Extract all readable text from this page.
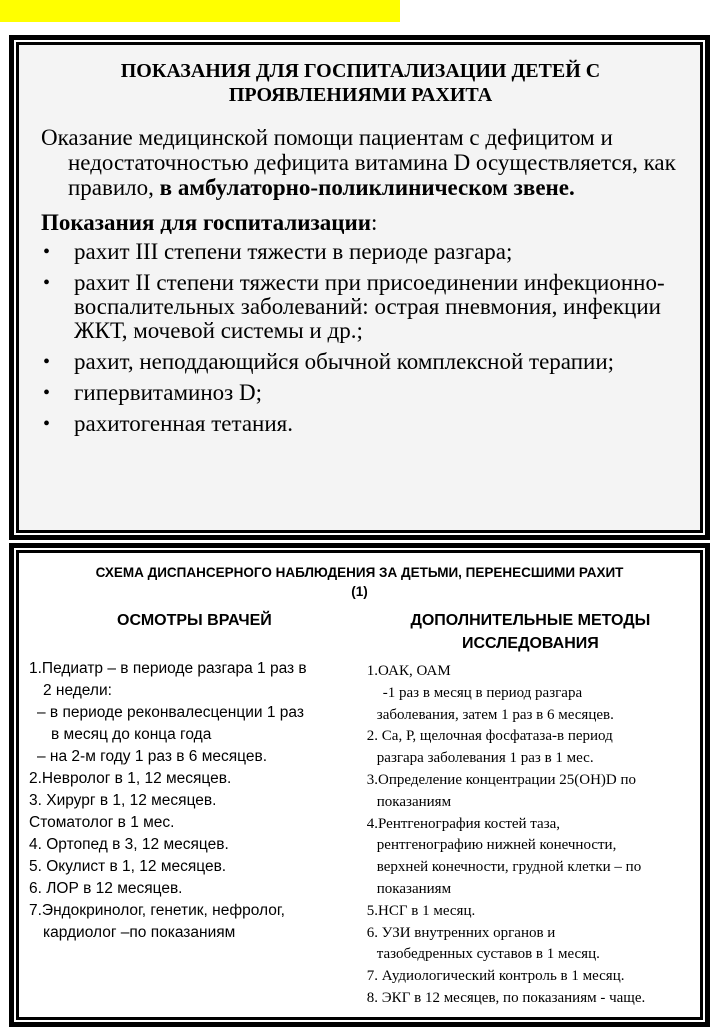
ПОКАЗАНИЯ ДЛЯ ГОСПИТАЛИЗАЦИИ ДЕТЕЙ С
ПРОЯВЛЕНИЯМИ РАХИТА
Оказание медицинской помощи пациентам с дефицитом и недостаточностью дефицита витамина D осуществляется, как правило, в амбулаторно-поликлиническом звене.
Показания для госпитализации:
• рахит III степени тяжести в периоде разгара;
• рахит II степени тяжести при присоединении инфекционно-воспалительных заболеваний: острая пневмония, инфекции ЖКТ, мочевой системы и др.;
• рахит, неподдающийся обычной комплексной терапии;
• гипервитаминоз D;
• рахитогенная тетания.
СХЕМА ДИСПАНСЕРНОГО НАБЛЮДЕНИЯ ЗА ДЕТЬМИ, ПЕРЕНЕСШИМИ РАХИТ
(1)
ОСМОТРЫ ВРАЧЕЙ
1.Педиатр – в периоде разгара 1 раз в
2 недели:
– в периоде реконвалесценции 1 раз
в месяц до конца года
– на 2-м году 1 раз в 6 месяцев.
2.Невролог в 1, 12 месяцев.
3. Хирург в 1, 12 месяцев.
Стоматолог в 1 мес.
4. Ортопед в 3, 12 месяцев.
5. Окулист в 1, 12 месяцев.
6. ЛОР в 12 месяцев.
7.Эндокринолог, генетик, нефролог,
кардиолог –по показаниям
ДОПОЛНИТЕЛЬНЫЕ МЕТОДЫ
ИССЛЕДОВАНИЯ
1.ОАК, ОАМ
-1 раз в месяц в период разгара
заболевания, затем 1 раз в 6 месяцев.
2. Са, Р, щелочная фосфатаза-в период
разгара заболевания 1 раз в 1 мес.
3.Определение концентрации 25(OH)D по
показаниям
4.Рентгенография костей таза,
рентгенографию нижней конечности,
верхней конечности, грудной клетки – по
показаниям
5.НСГ в 1 месяц.
6. УЗИ внутренних органов и
тазобедренных суставов в 1 месяц.
7. Аудиологический контроль в 1 месяц.
8. ЭКГ в 12 месяцев, по показаниям - чаще.
